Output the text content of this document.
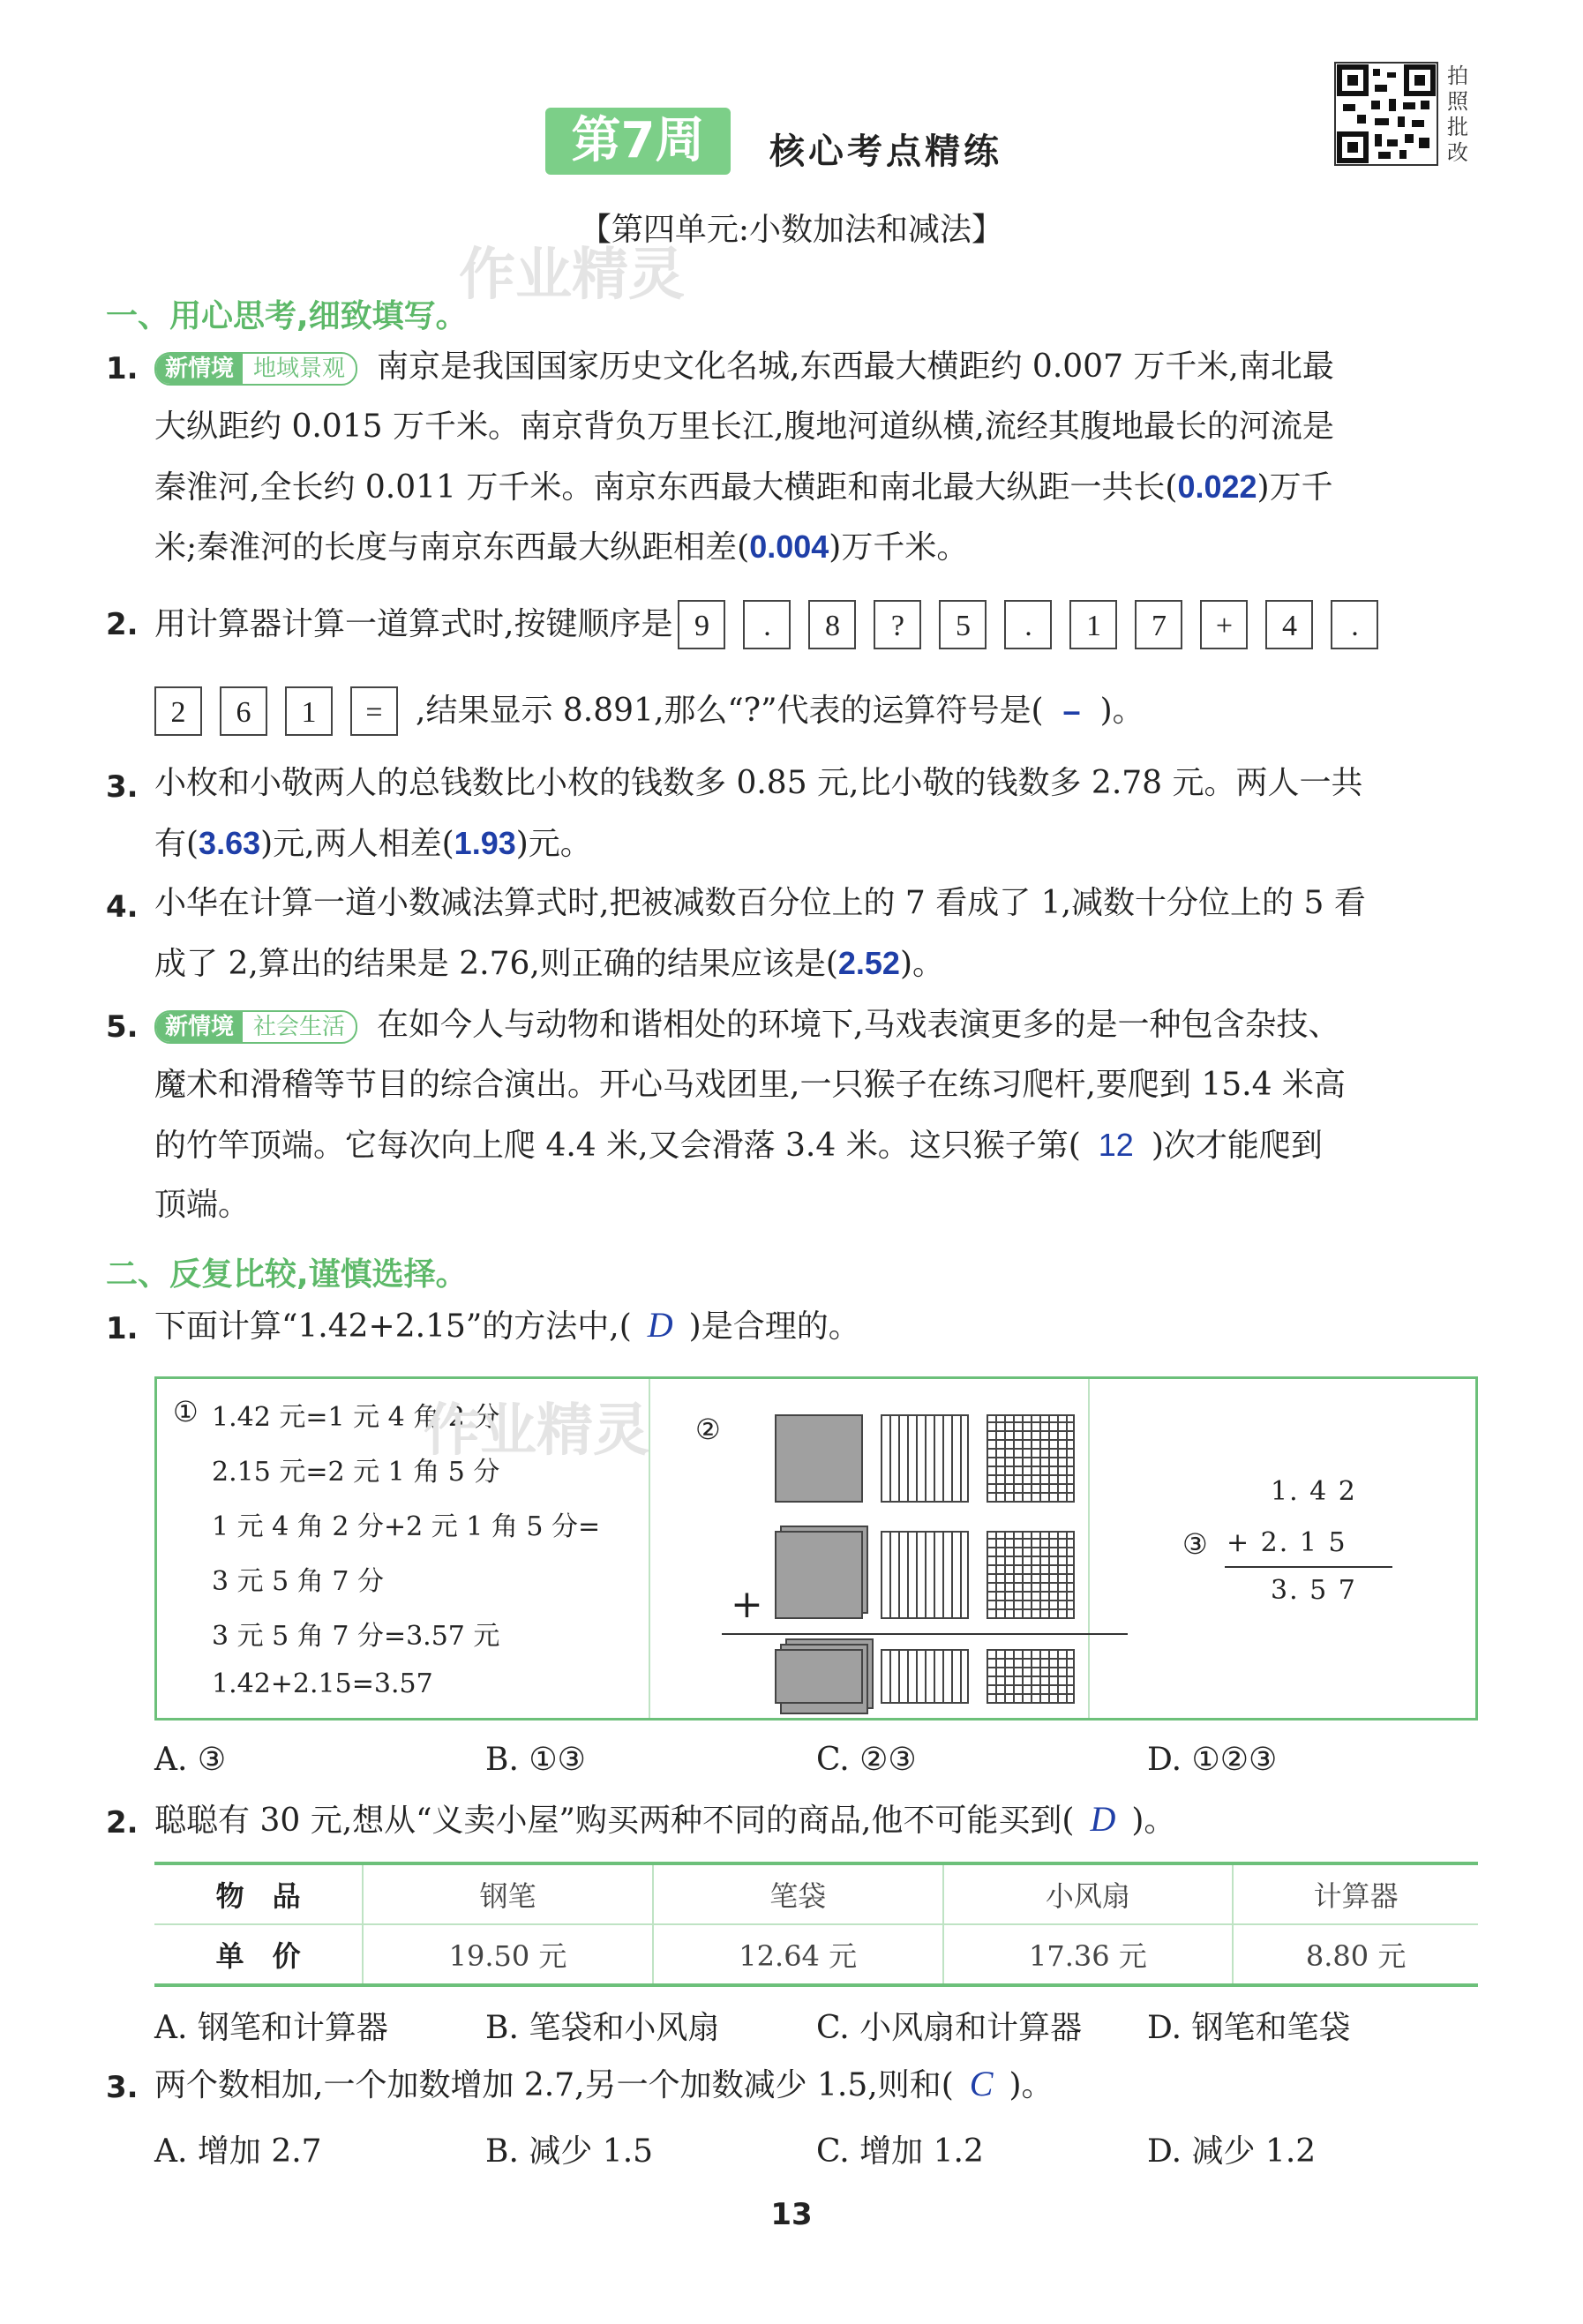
第7周	核心考点精练
拍照批改
【第四单元:小数加法和减法】
作业精灵
一、用心思考,细致填写。
1.	新情境 地域景观 南京是我国国家历史文化名城,东西最大横距约 0.007 万千米,南北最
大纵距约 0.015 万千米。南京背负万里长江,腹地河道纵横,流经其腹地最长的河流是
秦淮河,全长约 0.011 万千米。南京东西最大横距和南北最大纵距一共长(0.022)万千
米;秦淮河的长度与南京东西最大纵距相差(0.004)万千米。
2. 用计算器计算一道算式时,按键顺序是 9 . 8 ? 5 . 1 7 + 4 .
2 6 1 = ,结果显示 8.891,那么“?”代表的运算符号是( – )。
3. 小枚和小敬两人的总钱数比小枚的钱数多 0.85 元,比小敬的钱数多 2.78 元。两人一共
有(3.63)元,两人相差(1.93)元。
4. 小华在计算一道小数减法算式时,把被减数百分位上的 7 看成了 1,减数十分位上的 5 看
成了 2,算出的结果是 2.76,则正确的结果应该是(2.52)。
5.	新情境 社会生活 在如今人与动物和谐相处的环境下,马戏表演更多的是一种包含杂技、
魔术和滑稽等节目的综合演出。开心马戏团里,一只猴子在练习爬杆,要爬到 15.4 米高
的竹竿顶端。它每次向上爬 4.4 米,又会滑落 3.4 米。这只猴子第( 12 )次才能爬到
顶端。
二、反复比较,谨慎选择。
1. 下面计算“1.42+2.15”的方法中,( D )是合理的。
① 1.42 元=1 元 4 角 2 分
2.15 元=2 元 1 角 5 分
1 元 4 角 2 分+2 元 1 角 5 分=
3 元 5 角 7 分
3 元 5 角 7 分=3.57 元
1.42+2.15=3.57
②
+
③
1. 4 2
+ 2. 1 5
3. 5 7
作业精灵
A. ③	B. ①③	C. ②③	D. ①②③
2. 聪聪有 30 元,想从“义卖小屋”购买两种不同的商品,他不可能买到( D )。
物　品	钢笔	笔袋	小风扇	计算器
单　价	19.50 元	12.64 元	17.36 元	8.80 元
A. 钢笔和计算器	B. 笔袋和小风扇	C. 小风扇和计算器 D. 钢笔和笔袋
3. 两个数相加,一个加数增加 2.7,另一个加数减少 1.5,则和( C )。
A. 增加 2.7	B. 减少 1.5	C. 增加 1.2	D. 减少 1.2
13
